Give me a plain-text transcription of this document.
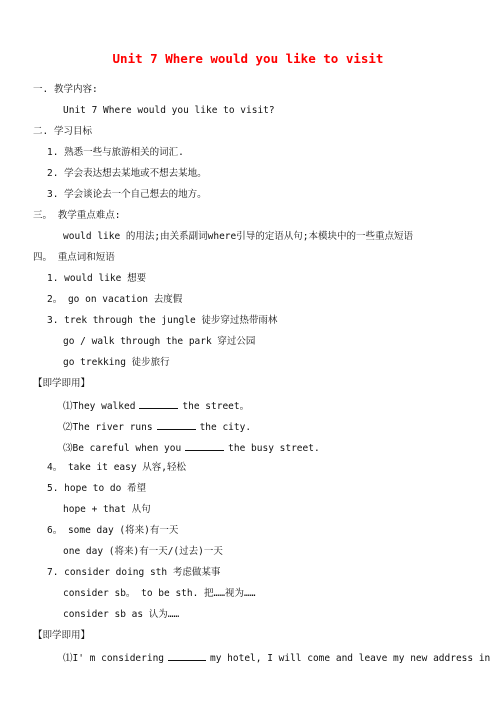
Unit 7 Where would you like to visit
一. 教学内容:
Unit 7 Where would you like to visit?
二. 学习目标
1. 熟悉一些与旅游相关的词汇.
2. 学会表达想去某地或不想去某地。
3. 学会谈论去一个自己想去的地方。
三。 教学重点难点:
would like 的用法;由关系副词where引导的定语从句;本模块中的一些重点短语
四。 重点词和短语
1. would like 想要
2。 go on vacation 去度假
3. trek through the jungle 徒步穿过热带雨林
go / walk through the park 穿过公园
go trekking 徒步旅行
【即学即用】
⑴They walked	the street。
⑵The river runs	the city.
⑶Be careful when you	the busy street.
4。 take it easy 从容,轻松
5. hope to do 希望
hope + that 从句
6。 some day (将来)有一天
one day (将来)有一天/(过去)一天
7. consider doing sth 考虑做某事
consider sb。 to be sth. 把……视为……
consider sb as 认为……
【即学即用】
⑴I' m considering	my hotel, I will come and leave my new address in
